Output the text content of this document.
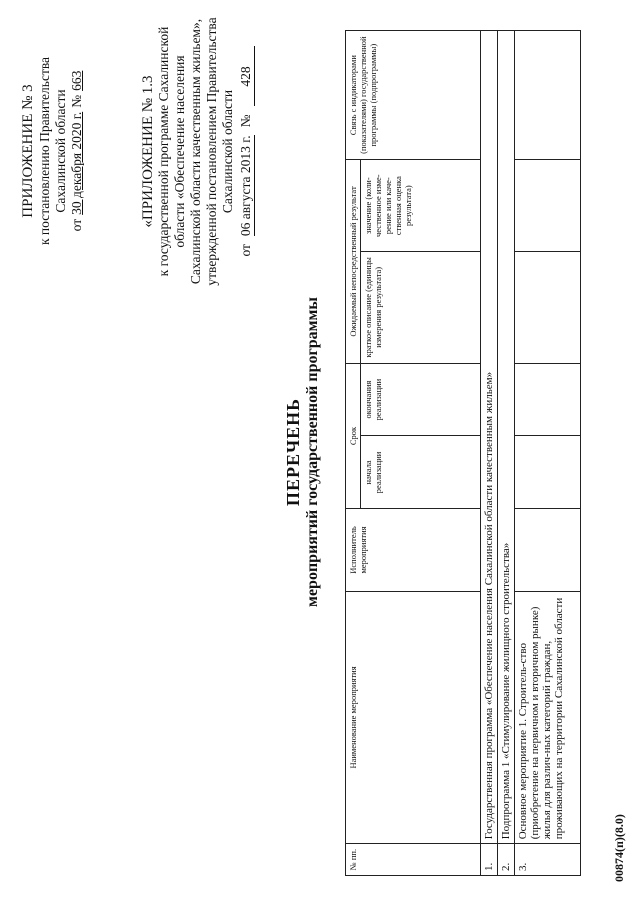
ПРИЛОЖЕНИЕ № 3 к постановлению Правительства Сахалинской области
от
30 декабря 2020 г.
№
663	«ПРИЛОЖЕНИЕ № 1.3 к государственной программе Сахалинской области «Обеспечение населения Сахалинской области качественным жильем», утвержденной постановлением Правительства Сахалинской области
от
06 августа 2013 г.
№
428
ПЕРЕЧЕНЬ мероприятий государственной программы
№ пп.	Наименование мероприятия	Исполнитель мероприятия	Срок		Ожидаемый непосредственный результат		Связь с индикаторами (показателями) государственной программы (подпрограммы)
			начала реализации	окончания реализации	краткое описание (единицы измерения результата)	значение (коли-чественное изме-рение или каче-ственная оценка результата)	
1.	Государственная программа «Обеспечение населения Сахалинской области качественным жильем»						
2.	Подпрограмма 1 «Стимулирование жилищного строительства»						
3.	Основное мероприятие 1. Строитель-ство (приобретение на первичном и вторичном рынке) жилья для различ-ных категорий граждан, проживающих на территории Сахалинской области						
00874(п)(8.0)
